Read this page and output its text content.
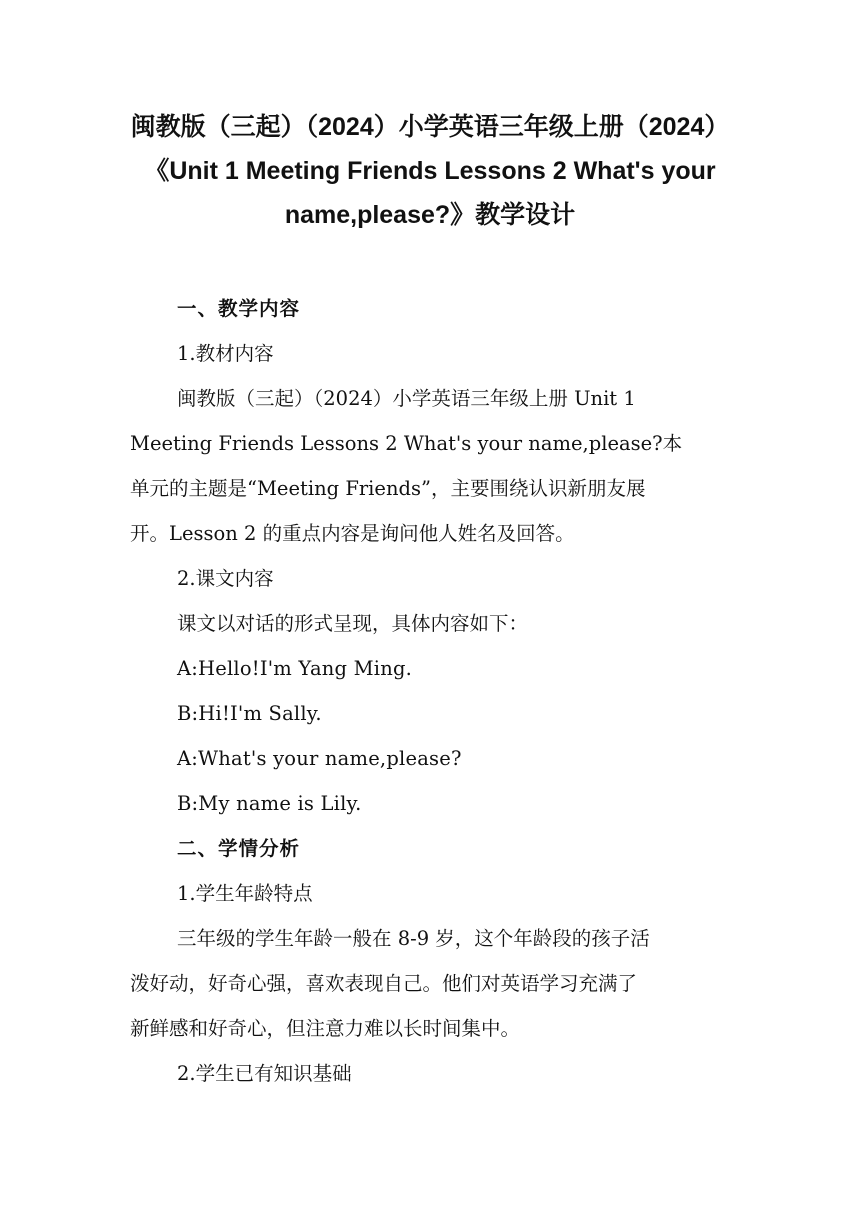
闽教版（三起）（2024）小学英语三年级上册（2024）
《Unit 1 Meeting Friends Lessons 2 What's your
name,please?》教学设计

一、教学内容

1.教材内容

闽教版（三起）（2024）小学英语三年级上册 Unit 1

Meeting Friends Lessons 2 What's your name,please?本

单元的主题是“Meeting Friends”，主要围绕认识新朋友展

开。Lesson 2 的重点内容是询问他人姓名及回答。

2.课文内容

课文以对话的形式呈现，具体内容如下：

A:Hello!I'm Yang Ming.

B:Hi!I'm Sally.

A:What's your name,please?

B:My name is Lily.

二、学情分析

1.学生年龄特点

三年级的学生年龄一般在 8-9 岁，这个年龄段的孩子活

泼好动，好奇心强，喜欢表现自己。他们对英语学习充满了

新鲜感和好奇心，但注意力难以长时间集中。

2.学生已有知识基础
